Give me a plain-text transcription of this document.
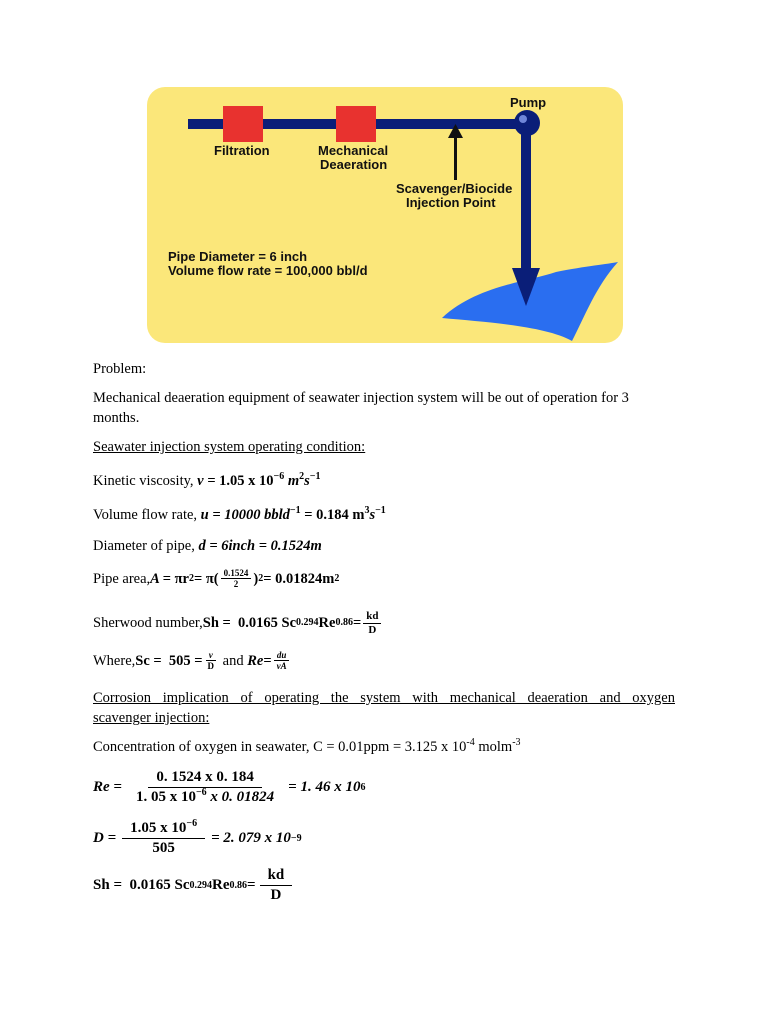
Pump
Filtration	Mechanical
Deaeration
Scavenger/Biocide
Injection Point
Pipe Diameter = 6 inch
Volume flow rate = 100,000 bbl/d
Problem:
Mechanical deaeration equipment of seawater injection system will be out of operation for 3
months.
Seawater injection system operating condition:
Kinetic viscosity, ν = 1.05 x $10^{-6}$ $m^2s^{-1}$
Volume flow rate, u = 10000 bbld$^{-1}$ = 0.184 $m^3s^{-1}$
Diameter of pipe, d = 6inch = 0.1524m
Pipe area, A =
πr $2 = \pi( \frac{0.1524}{2}$ ) 2 = 0.01824m 2
Sherwood number, Sh =  0.0165 Sc 0.294 Re $0.86 = \frac{kd}{D}$
Where, $Sc = 505 = \frac{v}{D}$ and $Re = \frac{du}{vA}$
Corrosion implication of operating the system with mechanical deaeration and oxygen
scavenger injection:
Concentration of oxygen in seawater, C = 0.01ppm = 3.125 x $10^{-4}$ molm$^{-3}$
$Re = \frac{0. 1524 x 0. 184}{1. 05 x 10^{-6} x 0. 01824} = 1$. 46 x 10 6
$D = \frac{1.05 x 10^{-6}}{505} = 2$. 079 x 10 −9
Sh =  0.0165 Sc 0.294 Re $0.86 = \frac{kd}{D}$
